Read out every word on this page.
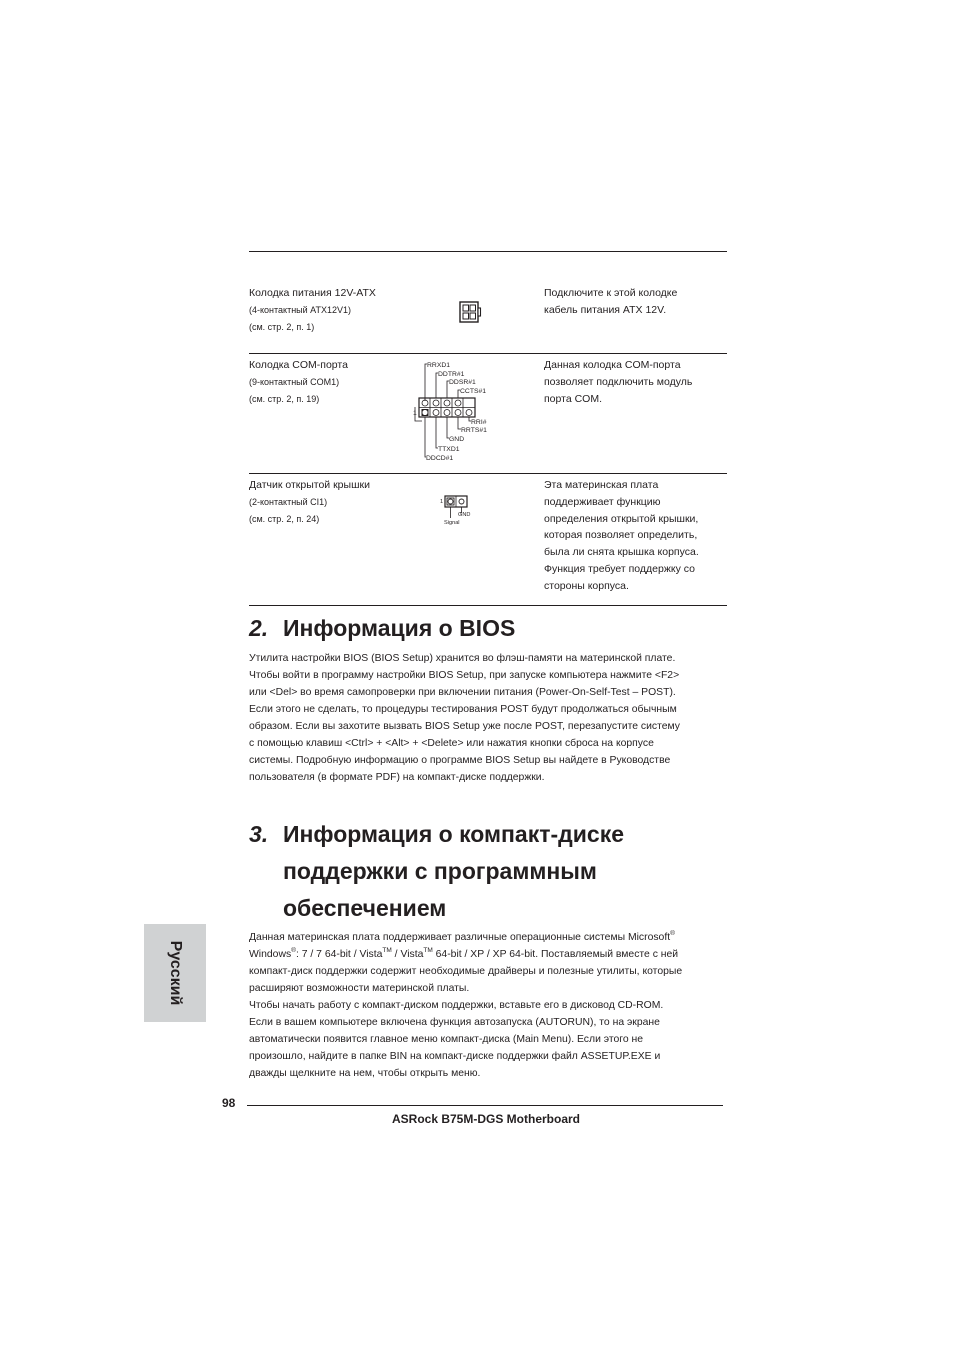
Колодка питания 12V-ATX
(4-контактный ATX12V1)
(см. стр. 2, п. 1)
Подключите к этой колодке
кабель питания ATX 12V.
Колодка COM-порта
(9-контактный COM1)
(см. стр. 2, п. 19)
1
RRXD1
DDTR#1
DDSR#1
CCTS#1
RRI#
RRTS#1
GND
TTXD1
DDCD#1
Данная колодка COM-порта
позволяет подключить модуль
порта COM.
Датчик открытой крышки
(2-контактный CI1)
(см. стр. 2, п. 24)
1
GND
Signal
Эта материнская плата
поддерживает функцию
определения открытой крышки,
которая позволяет определить,
была ли снята крышка корпуса.
Функция требует поддержку со
стороны корпуса.
2. Информация о BIOS
Утилита настройки BIOS (BIOS Setup) хранится во флэш-памяти на материнской плате.
Чтобы войти в программу настройки BIOS Setup, при запуске компьютера нажмите <F2>
или <Del> во время самопроверки при включении питания (Power-On-Self-Test – POST).
Если этого не сделать, то процедуры тестирования POST будут продолжаться обычным
образом. Если вы захотите вызвать BIOS Setup уже после POST, перезапустите систему
с помощью клавиш <Ctrl> + <Alt> + <Delete> или нажатия кнопки сброса на корпусе
системы. Подробную информацию о программе BIOS Setup вы найдете в Руководстве
пользователя (в формате PDF) на компакт-диске поддержки.
3. Информация о компакт-диске
поддержки с программным
обеспечением
Данная материнская плата поддерживает различные операционные системы Microsoft®
Windows®: 7 / 7 64-bit / Vista™ / Vista™ 64-bit / XP / XP 64-bit. Поставляемый вместе с ней
компакт-диск поддержки содержит необходимые драйверы и полезные утилиты, которые
расширяют возможности материнской платы.
Чтобы начать работу с компакт-диском поддержки, вставьте его в дисковод CD-ROM.
Если в вашем компьютере включена функция автозапуска (AUTORUN), то на экране
автоматически появится главное меню компакт-диска (Main Menu). Если этого не
произошло, найдите в папке BIN на компакт-диске поддержки файл ASSETUP.EXE и
дважды щелкните на нем, чтобы открыть меню.
Русский
98
ASRock B75M-DGS Motherboard
